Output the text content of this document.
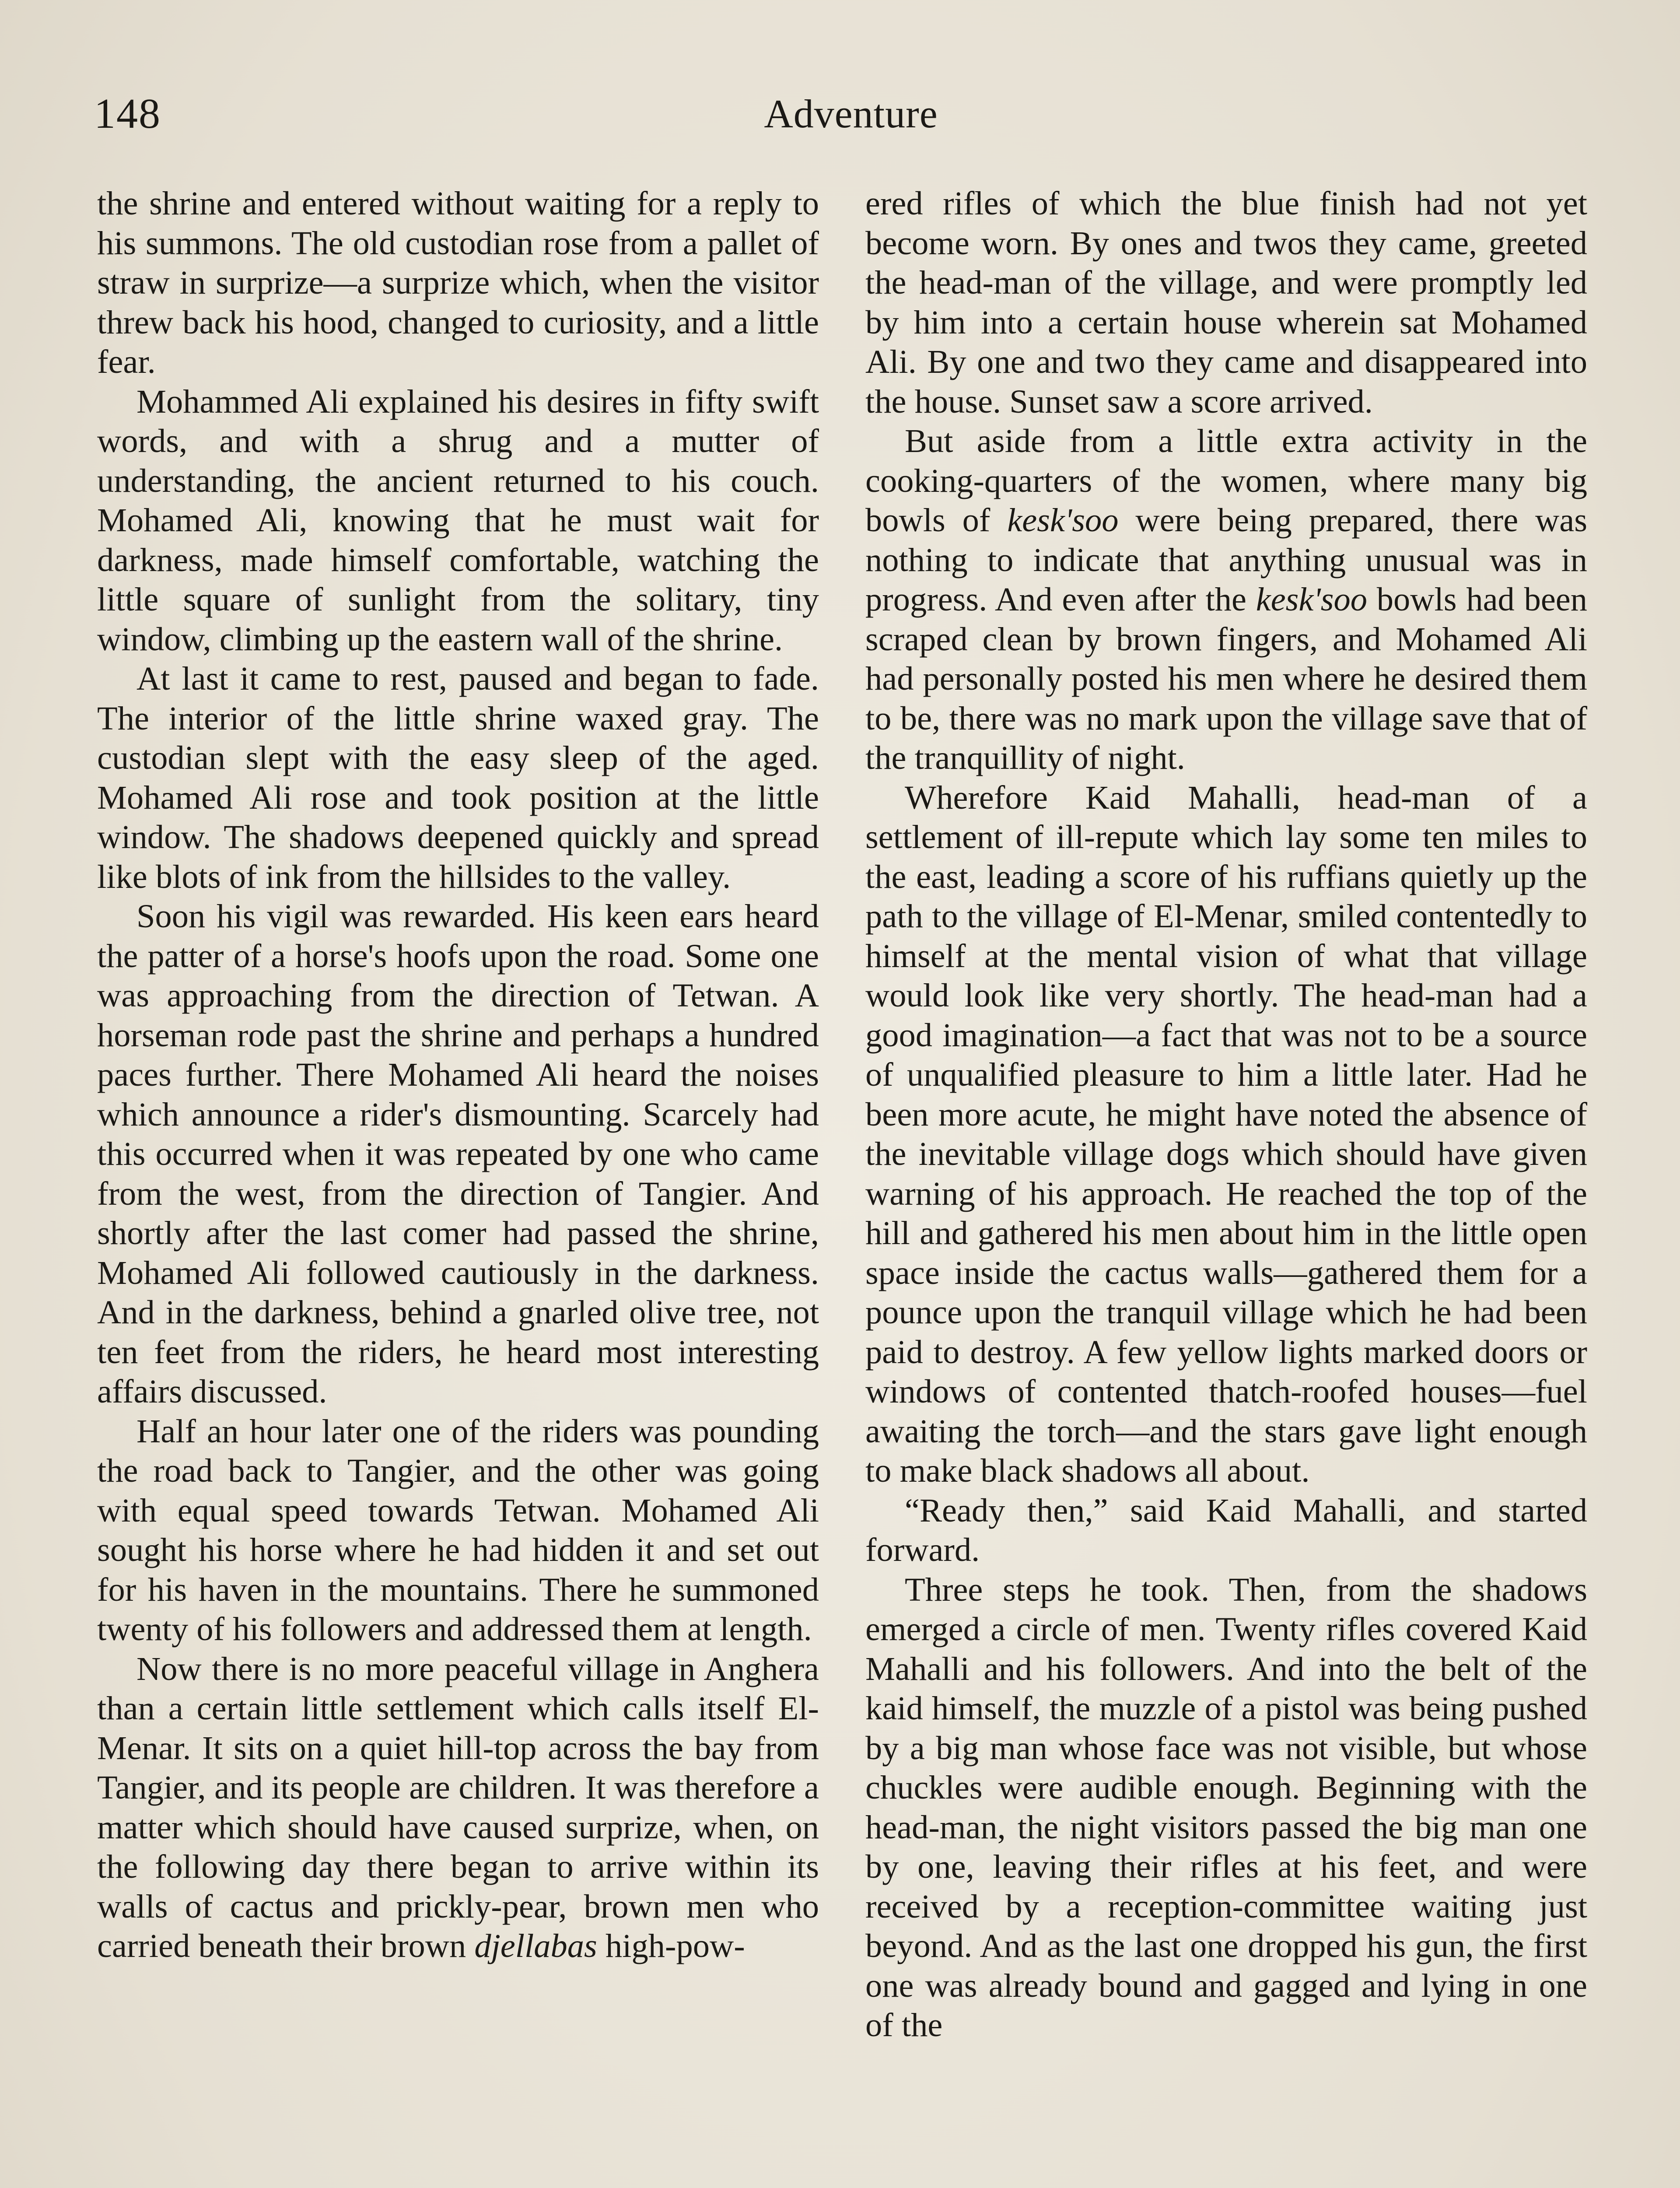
148	Adventure

the shrine and entered without waiting for a reply to his summons. The old custodian rose from a pallet of straw in surprize—a surprize which, when the visitor threw back his hood, changed to curiosity, and a little fear.

Mohammed Ali explained his desires in fifty swift words, and with a shrug and a mutter of understanding, the ancient returned to his couch. Mohamed Ali, knowing that he must wait for darkness, made himself comfortable, watching the little square of sunlight from the solitary, tiny window, climbing up the eastern wall of the shrine.

At last it came to rest, paused and began to fade. The interior of the little shrine waxed gray. The custodian slept with the easy sleep of the aged. Mohamed Ali rose and took position at the little window. The shadows deepened quickly and spread like blots of ink from the hillsides to the valley.

Soon his vigil was rewarded. His keen ears heard the patter of a horse's hoofs upon the road. Some one was approaching from the direction of Tetwan. A horseman rode past the shrine and perhaps a hundred paces further. There Mohamed Ali heard the noises which announce a rider's dismounting. Scarcely had this occurred when it was repeated by one who came from the west, from the direction of Tangier. And shortly after the last comer had passed the shrine, Mohamed Ali followed cautiously in the darkness. And in the darkness, behind a gnarled olive tree, not ten feet from the riders, he heard most interesting affairs discussed.

Half an hour later one of the riders was pounding the road back to Tangier, and the other was going with equal speed towards Tetwan. Mohamed Ali sought his horse where he had hidden it and set out for his haven in the mountains. There he summoned twenty of his followers and addressed them at length.

Now there is no more peaceful village in Anghera than a certain little settlement which calls itself El-Menar. It sits on a quiet hill-top across the bay from Tangier, and its people are children. It was therefore a matter which should have caused surprize, when, on the following day there began to arrive within its walls of cactus and prickly-pear, brown men who carried beneath their brown djellabas high-pow-

ered rifles of which the blue finish had not yet become worn. By ones and twos they came, greeted the head-man of the village, and were promptly led by him into a certain house wherein sat Mohamed Ali. By one and two they came and disappeared into the house. Sunset saw a score arrived.

But aside from a little extra activity in the cooking-quarters of the women, where many big bowls of kesk'soo were being prepared, there was nothing to indicate that anything unusual was in progress. And even after the kesk'soo bowls had been scraped clean by brown fingers, and Mohamed Ali had personally posted his men where he desired them to be, there was no mark upon the village save that of the tranquillity of night.

Wherefore Kaid Mahalli, head-man of a settlement of ill-repute which lay some ten miles to the east, leading a score of his ruffians quietly up the path to the village of El-Menar, smiled contentedly to himself at the mental vision of what that village would look like very shortly. The head-man had a good imagination—a fact that was not to be a source of unqualified pleasure to him a little later. Had he been more acute, he might have noted the absence of the inevitable village dogs which should have given warning of his approach. He reached the top of the hill and gathered his men about him in the little open space inside the cactus walls—gathered them for a pounce upon the tranquil village which he had been paid to destroy. A few yellow lights marked doors or windows of contented thatch-roofed houses—fuel awaiting the torch—and the stars gave light enough to make black shadows all about.

“Ready then,” said Kaid Mahalli, and started forward.

Three steps he took. Then, from the shadows emerged a circle of men. Twenty rifles covered Kaid Mahalli and his followers. And into the belt of the kaid himself, the muzzle of a pistol was being pushed by a big man whose face was not visible, but whose chuckles were audible enough. Beginning with the head-man, the night visitors passed the big man one by one, leaving their rifles at his feet, and were received by a reception-committee waiting just beyond. And as the last one dropped his gun, the first one was already bound and gagged and lying in one of the
